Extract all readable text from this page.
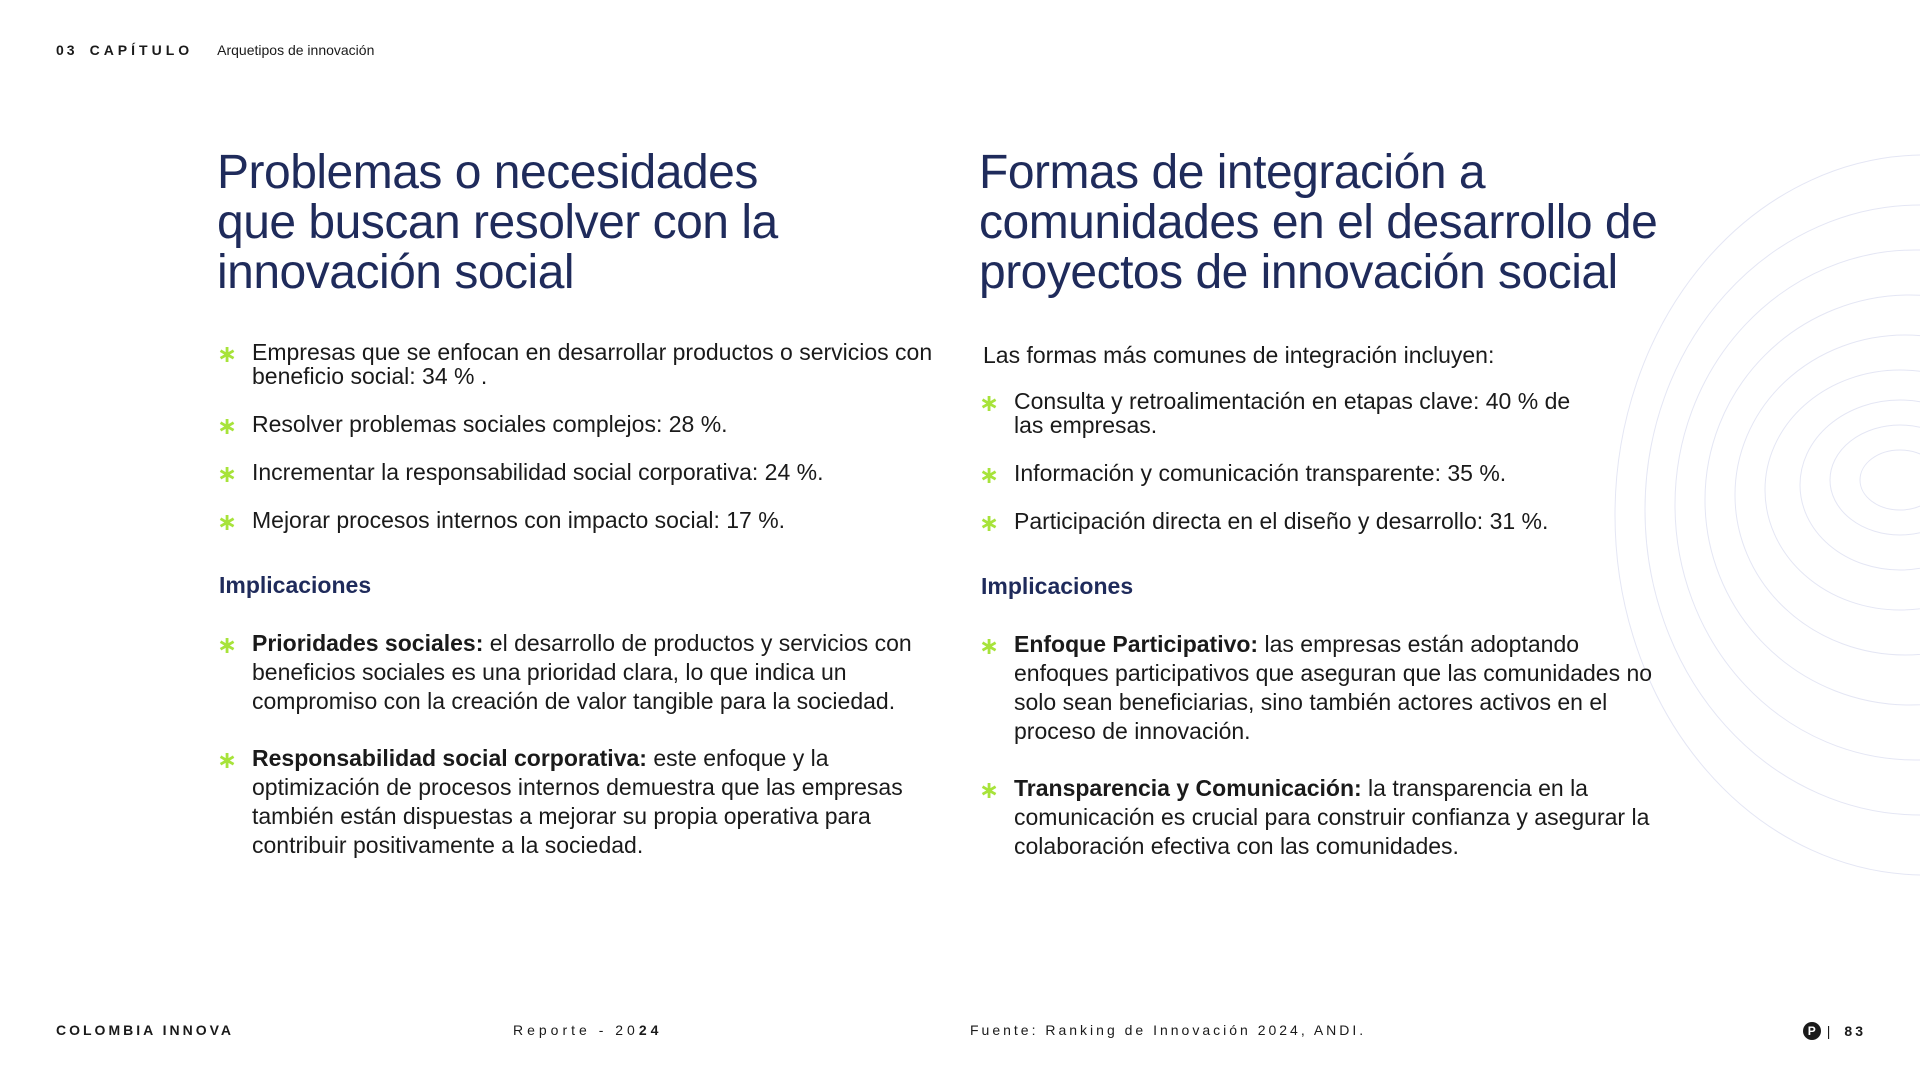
03 CAPÍTULO Arquetipos de innovación
Problemas o necesidades
que buscan resolver con la
innovación social
∗ Empresas que se enfocan en desarrollar productos o servicios con beneficio social: 34 % .
∗ Resolver problemas sociales complejos: 28 %.
∗ Incrementar la responsabilidad social corporativa: 24 %.
∗ Mejorar procesos internos con impacto social: 17 %.
Implicaciones
∗ Prioridades sociales: el desarrollo de productos y servicios con beneficios sociales es una prioridad clara, lo que indica un compromiso con la creación de valor tangible para la sociedad.
∗ Responsabilidad social corporativa: este enfoque y la optimización de procesos internos demuestra que las empresas también están dispuestas a mejorar su propia operativa para contribuir positivamente a la sociedad.
Formas de integración a
comunidades en el desarrollo de
proyectos de innovación social
Las formas más comunes de integración incluyen:
∗ Consulta y retroalimentación en etapas clave: 40 % de las empresas.
∗ Información y comunicación transparente: 35 %.
∗ Participación directa en el diseño y desarrollo: 31 %.
Implicaciones
∗ Enfoque Participativo: las empresas están adoptando enfoques participativos que aseguran que las comunidades no solo sean beneficiarias, sino también actores activos en el proceso de innovación.
∗ Transparencia y Comunicación: la transparencia en la comunicación es crucial para construir confianza y asegurar la colaboración efectiva con las comunidades.
COLOMBIA INNOVA	Reporte - 2024	Fuente: Ranking de Innovación 2024, ANDI.	P | 83
